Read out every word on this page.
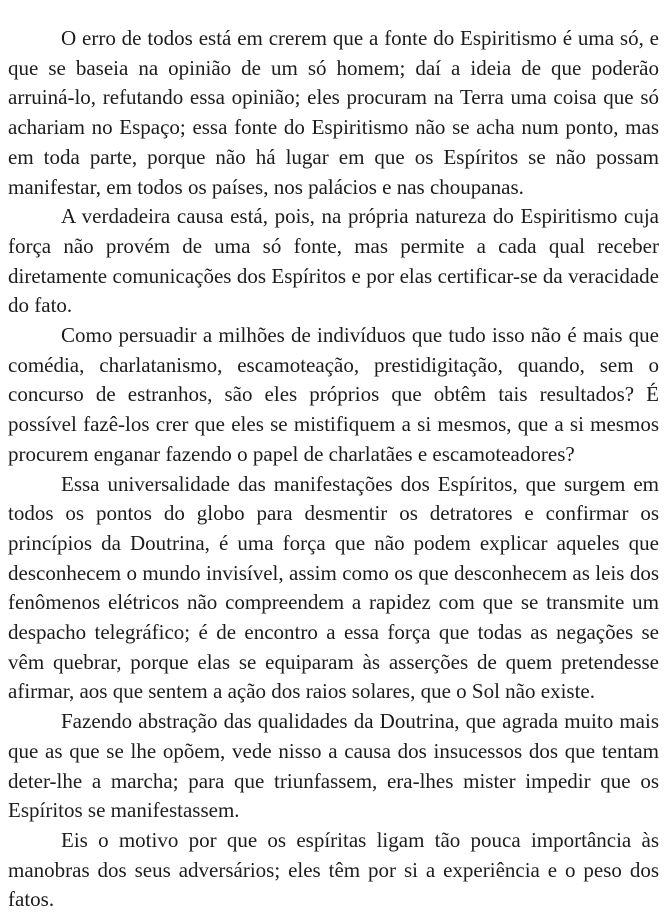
O erro de todos está em crerem que a fonte do Espiritismo é uma só, e que se baseia na opinião de um só homem; daí a ideia de que poderão arruiná-lo, refutando essa opinião; eles procuram na Terra uma coisa que só achariam no Espaço; essa fonte do Espiritismo não se acha num ponto, mas em toda parte, porque não há lugar em que os Espíritos se não possam manifestar, em todos os países, nos palácios e nas choupanas.

A verdadeira causa está, pois, na própria natureza do Espiritismo cuja força não provém de uma só fonte, mas permite a cada qual receber diretamente comunicações dos Espíritos e por elas certificar-se da veracidade do fato.

Como persuadir a milhões de indivíduos que tudo isso não é mais que comédia, charlatanismo, escamoteação, prestidigitação, quando, sem o concurso de estranhos, são eles próprios que obtêm tais resultados? É possível fazê-los crer que eles se mistifiquem a si mesmos, que a si mesmos procurem enganar fazendo o papel de charlatães e escamoteadores?

Essa universalidade das manifestações dos Espíritos, que surgem em todos os pontos do globo para desmentir os detratores e confirmar os princípios da Doutrina, é uma força que não podem explicar aqueles que desconhecem o mundo invisível, assim como os que desconhecem as leis dos fenômenos elétricos não compreendem a rapidez com que se transmite um despacho telegráfico; é de encontro a essa força que todas as negações se vêm quebrar, porque elas se equiparam às asserções de quem pretendesse afirmar, aos que sentem a ação dos raios solares, que o Sol não existe.

Fazendo abstração das qualidades da Doutrina, que agrada muito mais que as que se lhe opõem, vede nisso a causa dos insucessos dos que tentam deter-lhe a marcha; para que triunfassem, era-lhes mister impedir que os Espíritos se manifestassem.

Eis o motivo por que os espíritas ligam tão pouca importância às manobras dos seus adversários; eles têm por si a experiência e o peso dos fatos.
